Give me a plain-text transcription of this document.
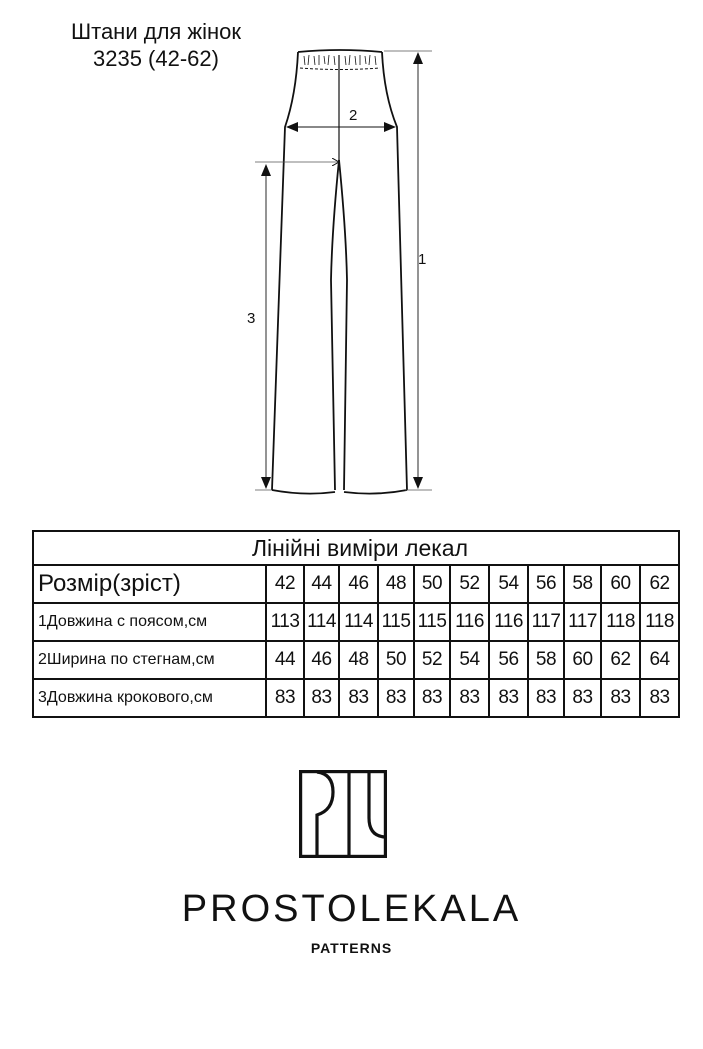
Штани для жінок
3235 (42-62)
1
2
3
Лінійні виміри лекал											
Розмір(зріст)	42	44	46	48	50	52	54	56	58	60	62
1Довжина с поясом,см	113	114	114	115	115	116	116	117	117	118	118
2Ширина по стегнам,см	44	46	48	50	52	54	56	58	60	62	64
3Довжина крокового,см	83	83	83	83	83	83	83	83	83	83	83
PROSTOLEKALA
PATTERNS
